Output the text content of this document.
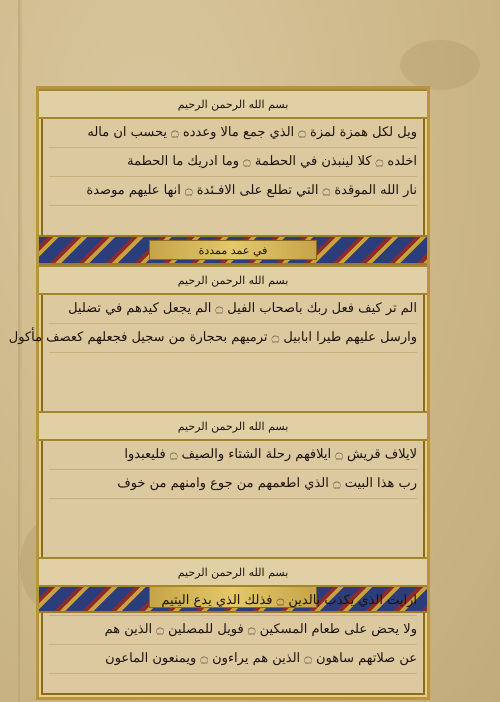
بسم الله الرحمن الرحيم
ويل لكل همزة لمزة ۝ الذي جمع مالا وعدده ۝ يحسب ان ماله
اخلده ۝ كلا لينبذن في الحطمة ۝ وما ادريك ما الحطمة
نار الله الموقدة ۝ التي تطلع على الافـئدة ۝ انها عليهم موصدة
في عمد ممددة
بسم الله الرحمن الرحيم
الم تر كيف فعل ربك باصحاب الفيل ۝ الم يجعل كيدهم في تضليل
وارسل عليهم طيرا ابابيل ۝ ترميهم بحجارة من سجيل فجعلهم كعصف مأكول
بسم الله الرحمن الرحيم
لايلاف قريش ۝ ايلافهم رحلة الشتاء والصيف ۝ فليعبدوا
رب هذا البيت ۝ الذي اطعمهم من جوع وامنهم من خوف
بسم الله الرحمن الرحيم
ارايت الذي يكذب بالدين ۝ فذلك الذي يدع اليتيم
ولا يحض على طعام المسكين ۝ فويل للمصلين ۝ الذين هم
عن صلاتهم ساهون ۝ الذين هم يراءون ۝ ويمنعون الماعون
